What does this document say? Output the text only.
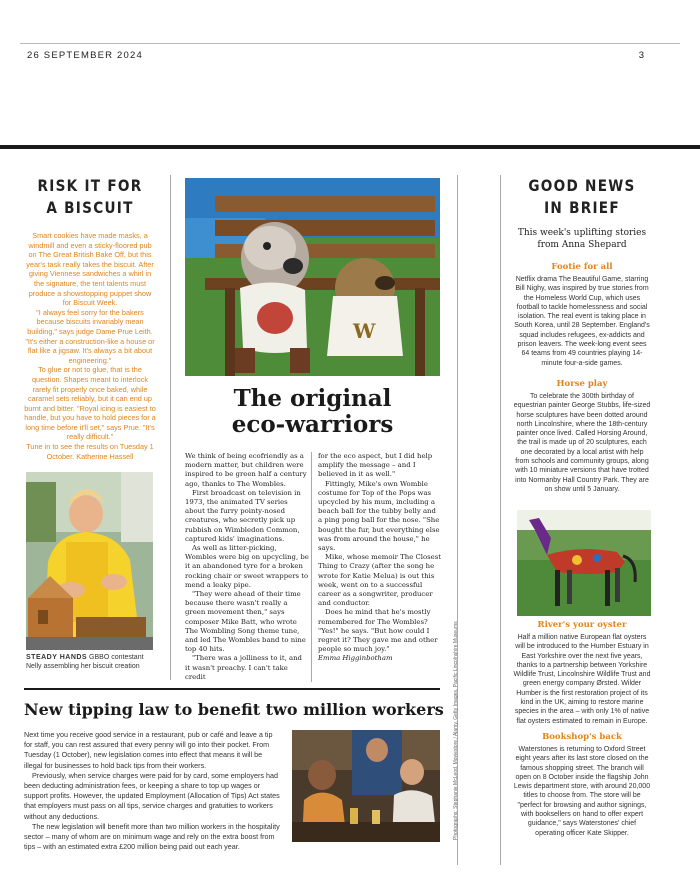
26 SEPTEMBER 2024	3
RISK IT FOR
A BISCUIT

Smart cookies have made masks, a windmill and even a sticky-floored pub on The Great British Bake Off, but this year's task really takes the biscuit. After giving Viennese sandwiches a whirl in the signature, the tent talents must produce a showstopping puppet show for Biscuit Week.

"I always feel sorry for the bakers because biscuits invariably mean building," says judge Dame Prue Leith. "It's either a construction-like a house or flat like a jigsaw. It's always a bit about engineering."

To glue or not to glue, that is the question. Shapes meant to interlock rarely fit properly once baked, while caramel sets reliably, but it can end up burnt and bitter. "Royal icing is easiest to handle, but you have to hold pieces for a long time before it'll set," says Prue. "It's really difficult."

Tune in to see the results on Tuesday 1 October. Katherine Hassell

STEADY HANDS GBBO contestant Nelly assembling her biscuit creation
W
The original
eco-warriors

We think of being ecofriendly as a modern matter, but children were inspired to be green half a century ago, thanks to The Wombles.

First broadcast on television in 1973, the animated TV series about the furry pointy-nosed creatures, who secretly pick up rubbish on Wimbledon Common, captured kids' imaginations.

As well as litter-picking, Wombles were big on upcycling, be it an abandoned tyre for a broken rocking chair or sweet wrappers to mend a leaky pipe.

"They were ahead of their time because there wasn't really a green movement then," says composer Mike Batt, who wrote The Wombling Song theme tune, and led The Wombles band to nine top 40 hits.

"There was a jolliness to it, and it wasn't preachy. I can't take credit

for the eco aspect, but I did help amplify the message – and I believed in it as well."

Fittingly, Mike's own Womble costume for Top of the Pops was upcycled by his mum, including a beach ball for the tubby belly and a ping pong ball for the nose. "She bought the fur, but everything else was from around the house," he says.

Mike, whose memoir The Closest Thing to Crazy (after the song he wrote for Katie Melua) is out this week, went on to a successful career as a songwriter, producer and conductor.

Does he mind that he's mostly remembered for The Wombles? "Yes!" he says. "But how could I regret it? They gave me and other people so much joy."

Emma Higginbotham	Photographs: Stephanie McLeod, Moviestore / Alamy, Getty Images, Pacific Lincolnshire Museums
New tipping law to benefit two million workers

Next time you receive good service in a restaurant, pub or café and leave a tip for staff, you can rest assured that every penny will go into their pocket. From Tuesday (1 October), new legislation comes into effect that means it will be illegal for businesses to hold back tips from their workers.

Previously, when service charges were paid for by card, some employers had been deducting administration fees, or keeping a share to top up wages or support profits. However, the updated Employment (Allocation of Tips) Act states that employers must pass on all tips, service charges and gratuities to workers without any deductions.

The new legislation will benefit more than two million workers in the hospitality sector – many of whom are on minimum wage and rely on the extra boost from tips – with an estimated extra £200 million being paid out each year.

GOOD NEWS
IN BRIEF
This week's uplifting stories from Anna Shepard
Footie for all
Netflix drama The Beautiful Game, starring Bill Nighy, was inspired by true stories from the Homeless World Cup, which uses football to tackle homelessness and social isolation. The real event is taking place in South Korea, until 28 September. England's squad includes refugees, ex-addicts and prison leavers. The week-long event sees 64 teams from 49 countries playing 14-minute four-a-side games.
Horse play
To celebrate the 300th birthday of equestrian painter George Stubbs, life-sized horse sculptures have been dotted around north Lincolnshire, where the 18th-century painter once lived. Called Horsing Around, the trail is made up of 20 sculptures, each one decorated by a local artist with help from schools and community groups, along with 10 miniature versions that have trotted into Normanby Hall Country Park. They are on show until 5 January.
River's your oyster
Half a million native European flat oysters will be introduced to the Humber Estuary in East Yorkshire over the next five years, thanks to a partnership between Yorkshire Wildlife Trust, Lincolnshire Wildlife Trust and green energy company Ørsted. Wilder Humber is the first restoration project of its kind in the UK, aiming to restore marine species in the area – with only 1% of native flat oysters estimated to remain in Europe.
Bookshop's back
Waterstones is returning to Oxford Street eight years after its last store closed on the famous shopping street. The branch will open on 8 October inside the flagship John Lewis department store, with around 20,000 titles to choose from. The store will be "perfect for browsing and author signings, with booksellers on hand to offer expert guidance," says Waterstones' chief operating officer Kate Skipper.
